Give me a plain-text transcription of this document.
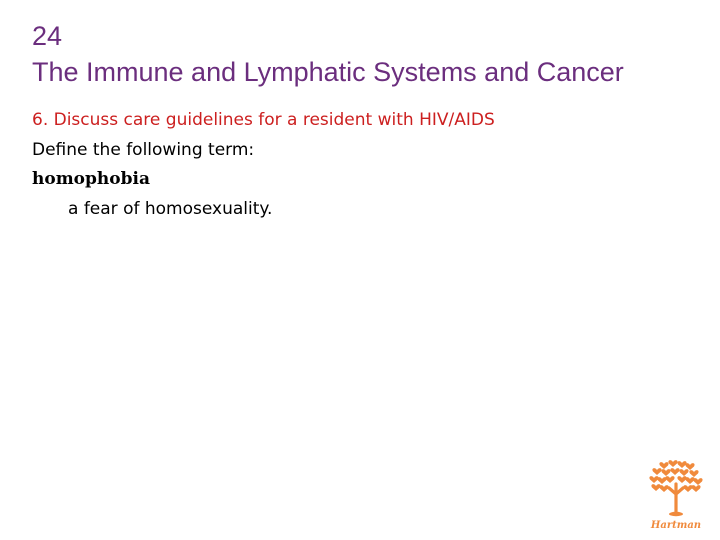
24
The Immune and Lymphatic Systems and Cancer
6. Discuss care guidelines for a resident with HIV/AIDS
Define the following term:
homophobia
a fear of homosexuality.
Hartman
